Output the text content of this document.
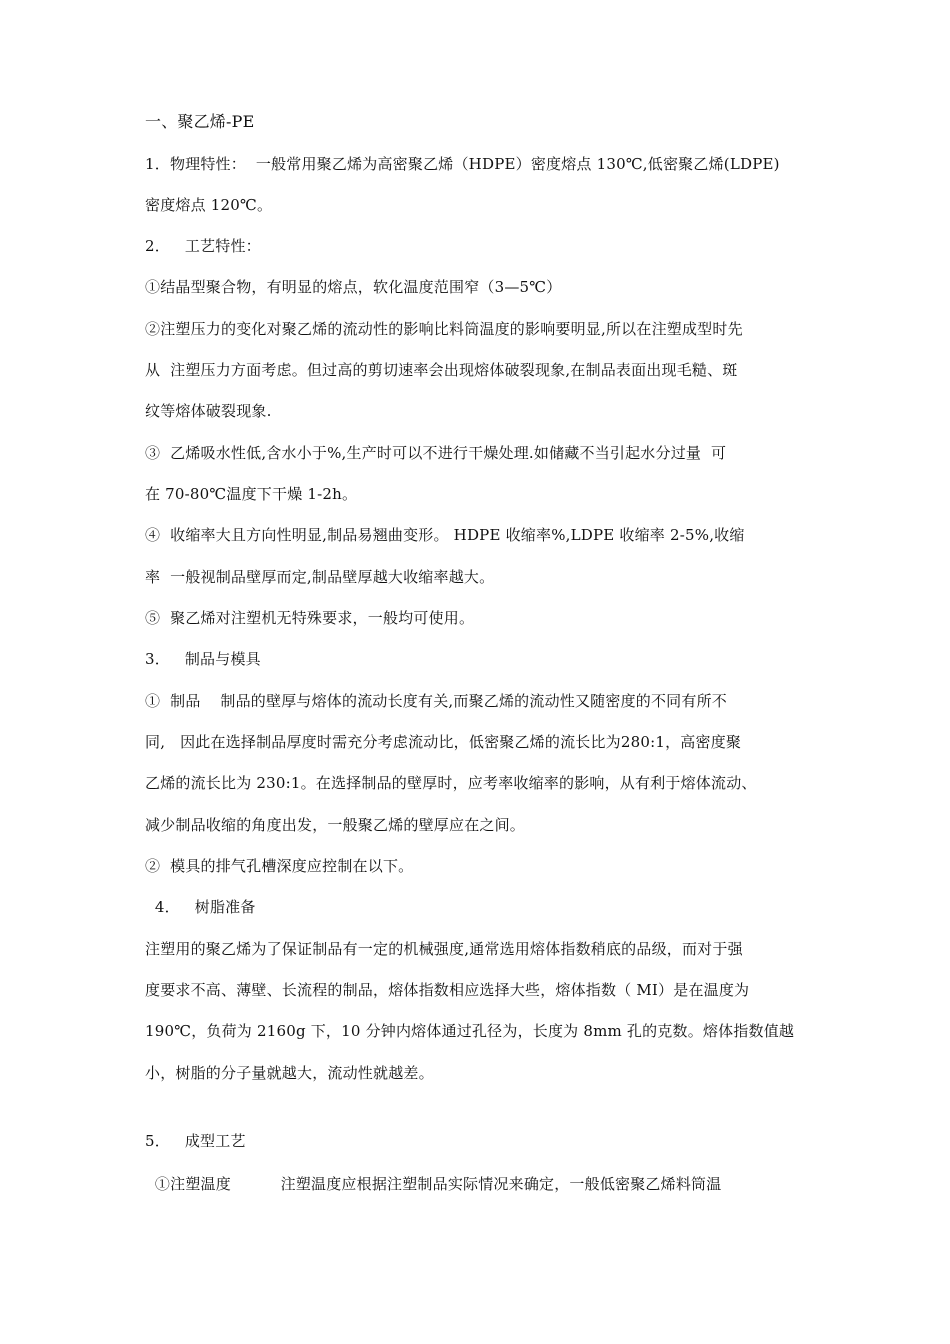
一、聚乙烯-PE
1．物理特性：  一般常用聚乙烯为高密聚乙烯（HDPE）密度熔点 130℃,低密聚乙烯(LDPE)
密度熔点 120℃。
2．   工艺特性：
①结晶型聚合物，有明显的熔点，软化温度范围窄（3—5℃）
②注塑压力的变化对聚乙烯的流动性的影响比料筒温度的影响要明显,所以在注塑成型时先
从  注塑压力方面考虑。但过高的剪切速率会出现熔体破裂现象,在制品表面出现毛糙、斑
纹等熔体破裂现象.
③  乙烯吸水性低,含水小于%,生产时可以不进行干燥处理.如储藏不当引起水分过量  可
在 70-80℃温度下干燥 1-2h。
④  收缩率大且方向性明显,制品易翘曲变形。 HDPE 收缩率%,LDPE 收缩率 2-5%,收缩
率  一般视制品壁厚而定,制品壁厚越大收缩率越大。
⑤  聚乙烯对注塑机无特殊要求，一般均可使用。
3．   制品与模具
①  制品    制品的壁厚与熔体的流动长度有关,而聚乙烯的流动性又随密度的不同有所不
同,   因此在选择制品厚度时需充分考虑流动比，低密聚乙烯的流长比为280:1，高密度聚
乙烯的流长比为 230:1。在选择制品的壁厚时，应考率收缩率的影响，从有利于熔体流动、
减少制品收缩的角度出发，一般聚乙烯的壁厚应在之间。
②  模具的排气孔槽深度应控制在以下。
4．   树脂准备
注塑用的聚乙烯为了保证制品有一定的机械强度,通常选用熔体指数稍底的品级，而对于强
度要求不高、薄壁、长流程的制品，熔体指数相应选择大些，熔体指数（ MI）是在温度为
190℃，负荷为 2160g 下，10 分钟内熔体通过孔径为，长度为 8mm 孔的克数。熔体指数值越
小，树脂的分子量就越大，流动性就越差。
5．   成型工艺
①注塑温度          注塑温度应根据注塑制品实际情况来确定，一般低密聚乙烯料筒温
